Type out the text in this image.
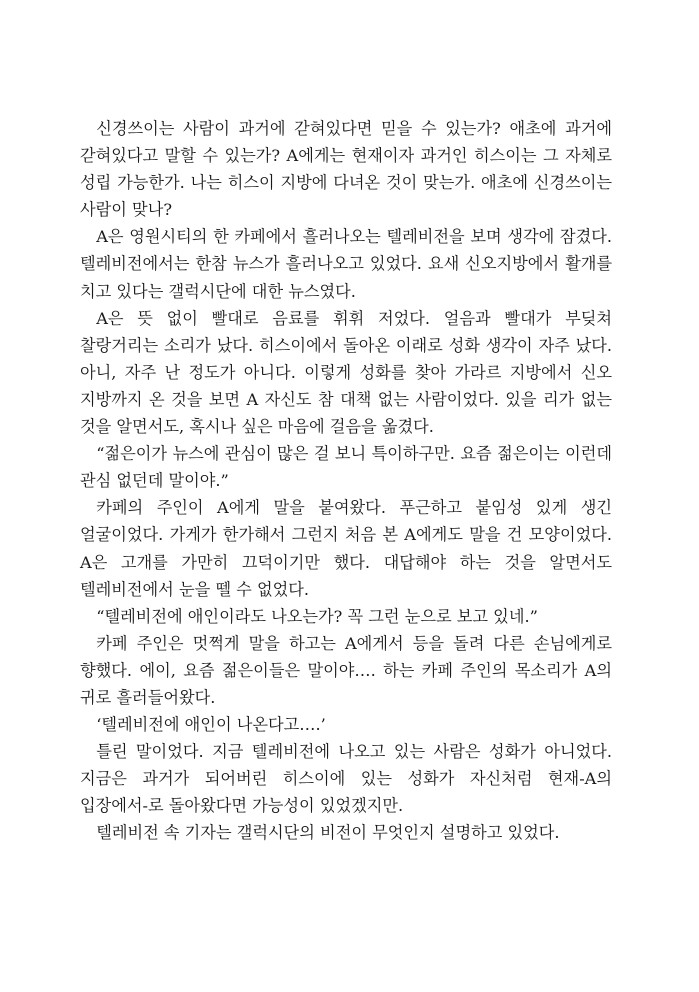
신경쓰이는 사람이 과거에 갇혀있다면 믿을 수 있는가? 애초에 과거에 갇혀있다고 말할 수 있는가? A에게는 현재이자 과거인 히스이는 그 자체로 성립 가능한가. 나는 히스이 지방에 다녀온 것이 맞는가. 애초에 신경쓰이는 사람이 맞나?

A은 영원시티의 한 카페에서 흘러나오는 텔레비전을 보며 생각에 잠겼다. 텔레비전에서는 한참 뉴스가 흘러나오고 있었다. 요새 신오지방에서 활개를 치고 있다는 갤럭시단에 대한 뉴스였다.

A은 뜻 없이 빨대로 음료를 휘휘 저었다. 얼음과 빨대가 부딪쳐 찰랑거리는 소리가 났다. 히스이에서 돌아온 이래로 성화 생각이 자주 났다. 아니, 자주 난 정도가 아니다. 이렇게 성화를 찾아 가라르 지방에서 신오 지방까지 온 것을 보면 A 자신도 참 대책 없는 사람이었다. 있을 리가 없는 것을 알면서도, 혹시나 싶은 마음에 걸음을 옮겼다.

“젊은이가 뉴스에 관심이 많은 걸 보니 특이하구만. 요즘 젊은이는 이런데 관심 없던데 말이야.”

카페의 주인이 A에게 말을 붙여왔다. 푸근하고 붙임성 있게 생긴 얼굴이었다. 가게가 한가해서 그런지 처음 본 A에게도 말을 건 모양이었다. A은 고개를 가만히 끄덕이기만 했다. 대답해야 하는 것을 알면서도 텔레비전에서 눈을 뗄 수 없었다.

“텔레비전에 애인이라도 나오는가? 꼭 그런 눈으로 보고 있네.”

카페 주인은 멋쩍게 말을 하고는 A에게서 등을 돌려 다른 손님에게로 향했다. 에이, 요즘 젊은이들은 말이야…. 하는 카페 주인의 목소리가 A의 귀로 흘러들어왔다.

‘텔레비전에 애인이 나온다고….’

틀린 말이었다. 지금 텔레비전에 나오고 있는 사람은 성화가 아니었다. 지금은 과거가 되어버린 히스이에 있는 성화가 자신처럼 현재-A의 입장에서-로 돌아왔다면 가능성이 있었겠지만.

텔레비전 속 기자는 갤럭시단의 비전이 무엇인지 설명하고 있었다.
